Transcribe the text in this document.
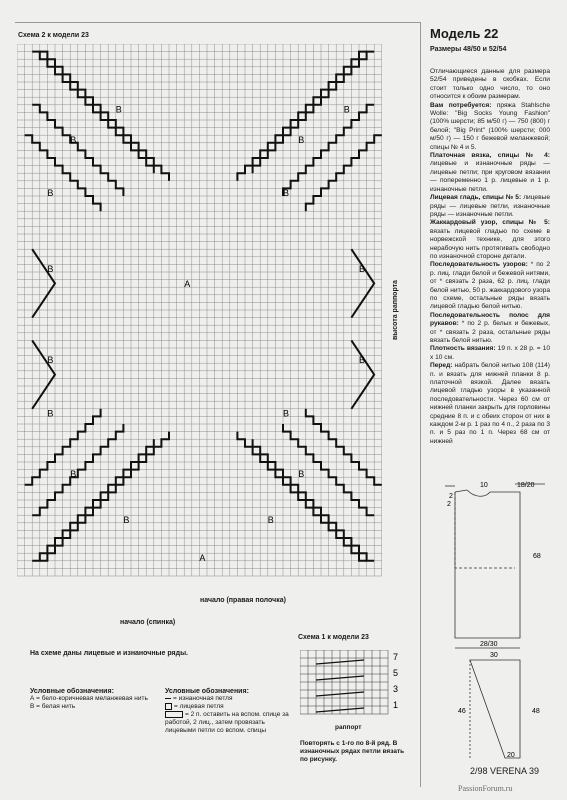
Схема 2 к модели 23
В
В
В
В
В
В
В
В
А
В
В
В
В
В
В
В
В
А
высота раппорта
начало (правая полочка)
начало (спинка)
На схеме даны лицевые и изнаночные ряды.
Условные обозначения:
А = бело-коричневая меланжевая нить
В = белая нить
Условные обозначения:
= изнаночная петля
= лицевая петля
= 2 п. оставить на вспом. спице за работой, 2 лиц., затем провязать лицевыми петли со вспом. спицы
Схема 1 к модели 23
7
5
3
1
раппорт
Повторять с 1-го по 8-й ряд. В изнаночных рядах петли вязать по рисунку.
Модель 22
Размеры 48/50 и 52/54

Отличающиеся данные для размера 52/54 приведены в скобках. Если стоит только одно число, то оно относится к обоим размерам.

Вам потребуется: пряжа Stahlsche Wolle: "Big Socks Young Fashion" (100% шерсти; 85 м/50 г) — 750 (800) г белой; "Big Print" (100% шерсти; 000 м/50 г) — 150 г бежевой меланжевой; спицы № 4 и 5.

Платочная вязка, спицы № 4: лицевые и изнаночные ряды — лицевые петли; при круговом вязании — попеременно 1 р. лицевые и 1 р. изнаночные петли.

Лицевая гладь, спицы № 5: лицевые ряды — лицевые петли, изнаночные ряды — изнаночные петли.

Жаккардовый узор, спицы № 5: вязать лицевой гладью по схеме в норвежской технике, для этого нерабочую нить протягивать свободно по изнаночной стороне детали.

Последовательность узоров: * по 2 р. лиц. глади белой и бежевой нитями, от * связать 2 раза, 62 р. лиц. глади белой нитью, 50 р. жаккардового узора по схеме, остальные ряды вязать лицевой гладью белой нитью.

Последовательность полос для рукавов: * по 2 р. белых и бежевых, от * связать 2 раза, остальные ряды вязать белой нитью.

Плотность вязания: 19 п. х 28 р. = 10 х 10 см.

Перед: набрать белой нитью 108 (114) п. и вязать для нижней планки 8 р. платочной вязкой. Далее вязать лицевой гладью узоры в указанной последовательности. Через 60 см от нижней планки закрыть для горловины средние 8 п. и с обеих сторон от них в каждом 2-м р. 1 раз по 4 п., 2 раза по 3 п. и 5 раз по 1 п. Через 68 см от нижней

2
10	18/20
2
68
28/30
30
46	48
20
2/98 VERENA 39
PassionForum.ru
